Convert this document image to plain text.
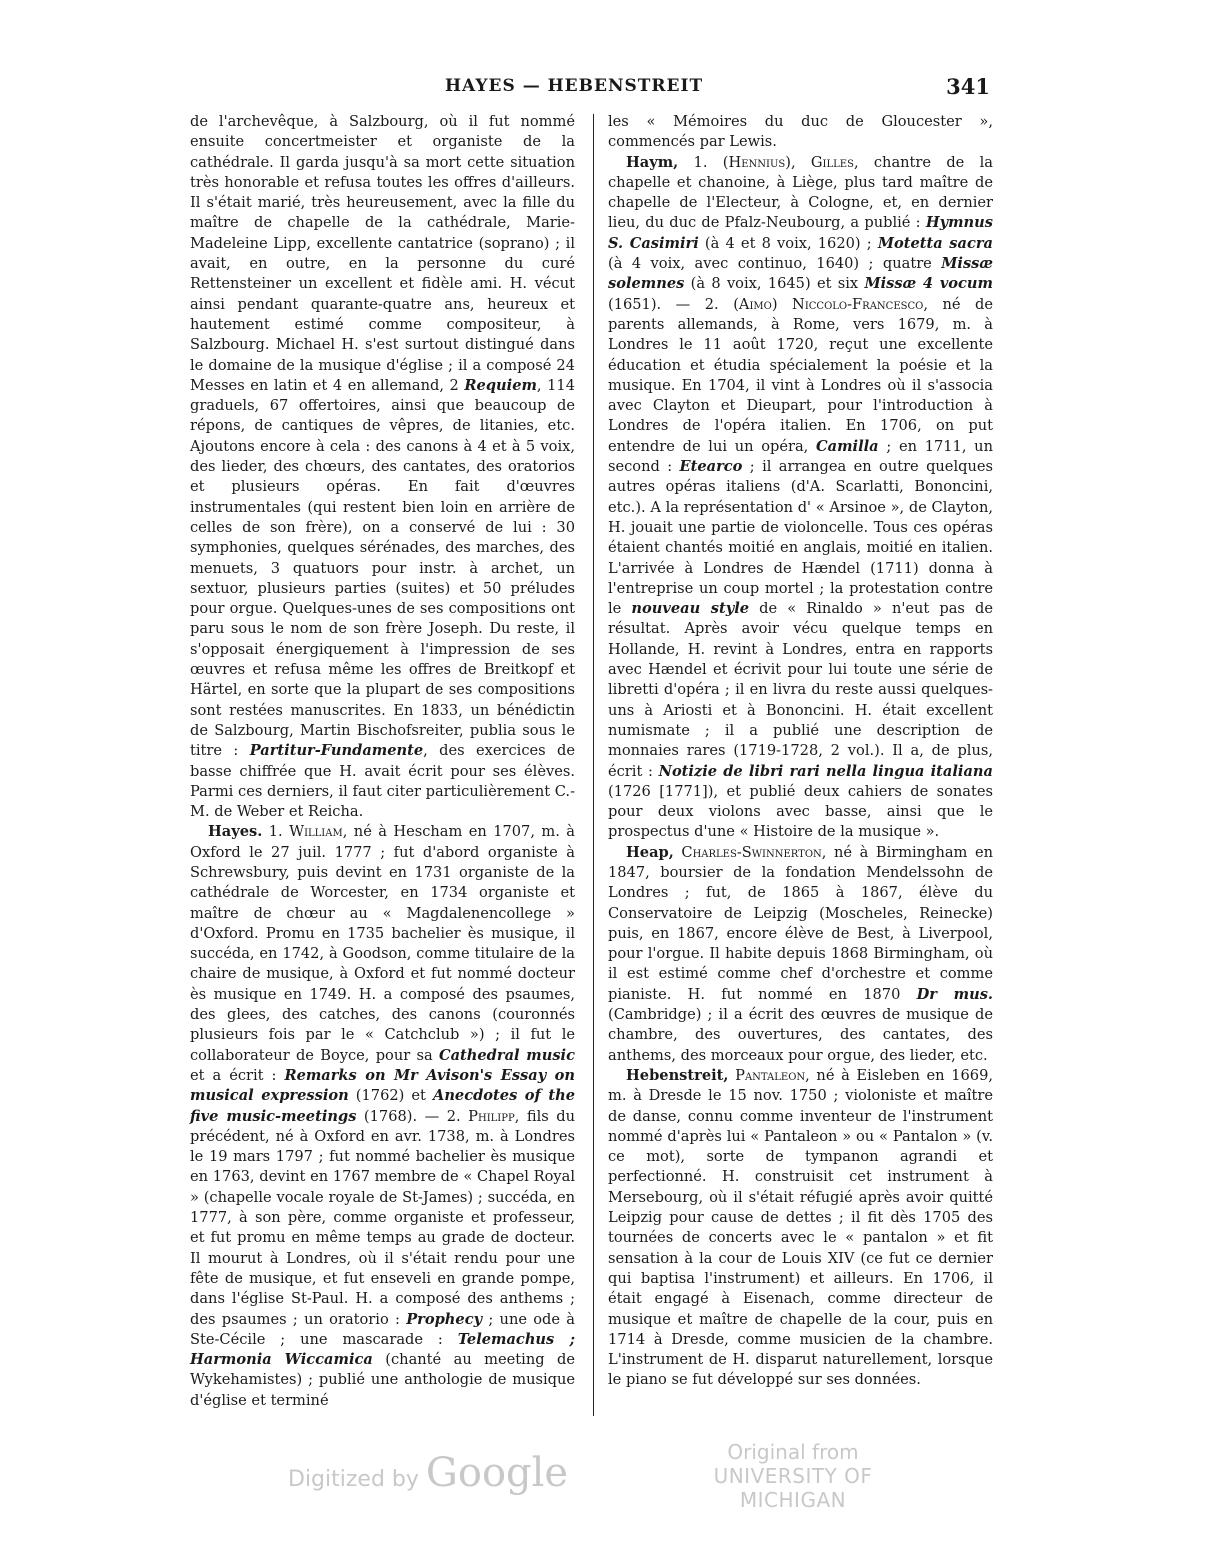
HAYES — HEBENSTREIT	341

de l'archevêque, à Salzbourg, où il fut nommé ensuite concertmeister et organiste de la cathédrale. Il garda jusqu'à sa mort cette situation très honorable et refusa toutes les offres d'ailleurs. Il s'était marié, très heureusement, avec la fille du maître de chapelle de la cathédrale, Marie-Madeleine Lipp, excellente cantatrice (soprano) ; il avait, en outre, en la personne du curé Rettensteiner un excellent et fidèle ami. H. vécut ainsi pendant quarante-quatre ans, heureux et hautement estimé comme compositeur, à Salzbourg. Michael H. s'est surtout distingué dans le domaine de la musique d'église ; il a composé 24 Messes en latin et 4 en allemand, 2 Requiem, 114 graduels, 67 offertoires, ainsi que beaucoup de répons, de cantiques de vêpres, de litanies, etc. Ajoutons encore à cela : des canons à 4 et à 5 voix, des lieder, des chœurs, des cantates, des oratorios et plusieurs opéras. En fait d'œuvres instrumentales (qui restent bien loin en arrière de celles de son frère), on a conservé de lui : 30 symphonies, quelques sérénades, des marches, des menuets, 3 quatuors pour instr. à archet, un sextuor, plusieurs parties (suites) et 50 préludes pour orgue. Quelques-unes de ses compositions ont paru sous le nom de son frère Joseph. Du reste, il s'opposait énergiquement à l'impression de ses œuvres et refusa même les offres de Breitkopf et Härtel, en sorte que la plupart de ses compositions sont restées manuscrites. En 1833, un bénédictin de Salzbourg, Martin Bischofsreiter, publia sous le titre : Partitur-Fundamente, des exercices de basse chiffrée que H. avait écrit pour ses élèves. Parmi ces derniers, il faut citer particulièrement C.-M. de Weber et Reicha.

Hayes. 1. William, né à Hescham en 1707, m. à Oxford le 27 juil. 1777 ; fut d'abord organiste à Schrewsbury, puis devint en 1731 organiste de la cathédrale de Worcester, en 1734 organiste et maître de chœur au « Magdalenencollege » d'Oxford. Promu en 1735 bachelier ès musique, il succéda, en 1742, à Goodson, comme titulaire de la chaire de musique, à Oxford et fut nommé docteur ès musique en 1749. H. a composé des psaumes, des glees, des catches, des canons (couronnés plusieurs fois par le « Catchclub ») ; il fut le collaborateur de Boyce, pour sa Cathedral music et a écrit : Remarks on Mr Avison's Essay on musical expression (1762) et Anecdotes of the five music-meetings (1768). — 2. Philipp, fils du précédent, né à Oxford en avr. 1738, m. à Londres le 19 mars 1797 ; fut nommé bachelier ès musique en 1763, devint en 1767 membre de « Chapel Royal » (chapelle vocale royale de St-James) ; succéda, en 1777, à son père, comme organiste et professeur, et fut promu en même temps au grade de docteur. Il mourut à Londres, où il s'était rendu pour une fête de musique, et fut enseveli en grande pompe, dans l'église St-Paul. H. a composé des anthems ; des psaumes ; un oratorio : Prophecy ; une ode à Ste-Cécile ; une mascarade : Telemachus ; Harmonia Wiccamica (chanté au meeting de Wykehamistes) ; publié une anthologie de musique d'église et terminé

les « Mémoires du duc de Gloucester », commencés par Lewis.

Haym, 1. (Hennius), Gilles, chantre de la chapelle et chanoine, à Liège, plus tard maître de chapelle de l'Electeur, à Cologne, et, en dernier lieu, du duc de Pfalz-Neubourg, a publié : Hymnus S. Casimiri (à 4 et 8 voix, 1620) ; Motetta sacra (à 4 voix, avec continuo, 1640) ; quatre Missæ solemnes (à 8 voix, 1645) et six Missæ 4 vocum (1651). — 2. (Aimo) Niccolo-Francesco, né de parents allemands, à Rome, vers 1679, m. à Londres le 11 août 1720, reçut une excellente éducation et étudia spécialement la poésie et la musique. En 1704, il vint à Londres où il s'associa avec Clayton et Dieupart, pour l'introduction à Londres de l'opéra italien. En 1706, on put entendre de lui un opéra, Camilla ; en 1711, un second : Etearco ; il arrangea en outre quelques autres opéras italiens (d'A. Scarlatti, Bononcini, etc.). A la représentation d' « Arsinoe », de Clayton, H. jouait une partie de violoncelle. Tous ces opéras étaient chantés moitié en anglais, moitié en italien. L'arrivée à Londres de Hændel (1711) donna à l'entreprise un coup mortel ; la protestation contre le nouveau style de « Rinaldo » n'eut pas de résultat. Après avoir vécu quelque temps en Hollande, H. revint à Londres, entra en rapports avec Hændel et écrivit pour lui toute une série de libretti d'opéra ; il en livra du reste aussi quelques-uns à Ariosti et à Bononcini. H. était excellent numismate ; il a publié une description de monnaies rares (1719-1728, 2 vol.). Il a, de plus, écrit : Notizie de libri rari nella lingua italiana (1726 [1771]), et publié deux cahiers de sonates pour deux violons avec basse, ainsi que le prospectus d'une « Histoire de la musique ».

Heap, Charles-Swinnerton, né à Birmingham en 1847, boursier de la fondation Mendelssohn de Londres ; fut, de 1865 à 1867, élève du Conservatoire de Leipzig (Moscheles, Reinecke) puis, en 1867, encore élève de Best, à Liverpool, pour l'orgue. Il habite depuis 1868 Birmingham, où il est estimé comme chef d'orchestre et comme pianiste. H. fut nommé en 1870 Dr mus. (Cambridge) ; il a écrit des œuvres de musique de chambre, des ouvertures, des cantates, des anthems, des morceaux pour orgue, des lieder, etc.

Hebenstreit, Pantaleon, né à Eisleben en 1669, m. à Dresde le 15 nov. 1750 ; violoniste et maître de danse, connu comme inventeur de l'instrument nommé d'après lui « Pantaleon » ou « Pantalon » (v. ce mot), sorte de tympanon agrandi et perfectionné. H. construisit cet instrument à Mersebourg, où il s'était réfugié après avoir quitté Leipzig pour cause de dettes ; il fit dès 1705 des tournées de concerts avec le « pantalon » et fit sensation à la cour de Louis XIV (ce fut ce dernier qui baptisa l'instrument) et ailleurs. En 1706, il était engagé à Eisenach, comme directeur de musique et maître de chapelle de la cour, puis en 1714 à Dresde, comme musicien de la chambre. L'instrument de H. disparut naturellement, lorsque le piano se fut développé sur ses données.

Digitized by Google	Original from
UNIVERSITY OF MICHIGAN
